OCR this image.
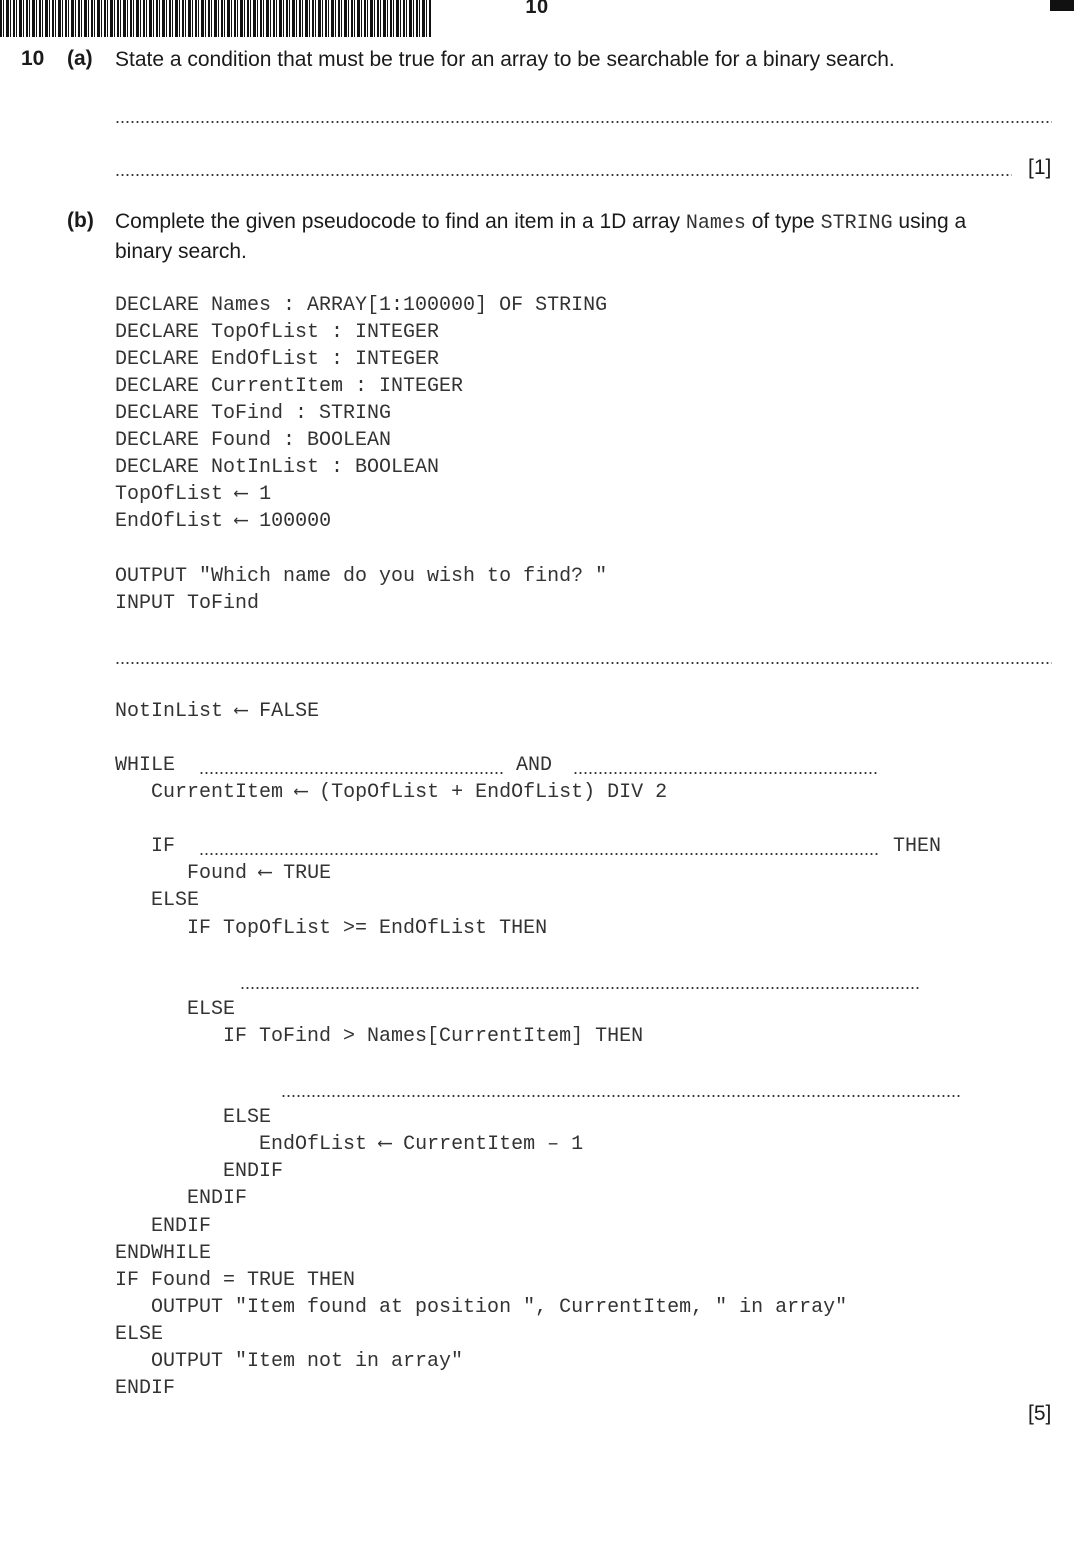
10
10 (a) State a condition that must be true for an array to be searchable for a binary search.
[1]
(b) Complete the given pseudocode to find an item in a 1D array Names of type STRING using a
binary search.
DECLARE Names : ARRAY[1:100000] OF STRING
DECLARE TopOfList : INTEGER
DECLARE EndOfList : INTEGER
DECLARE CurrentItem : INTEGER
DECLARE ToFind : STRING
DECLARE Found : BOOLEAN
DECLARE NotInList : BOOLEAN
TopOfList ⟵ 1
EndOfList ⟵ 100000
OUTPUT "Which name do you wish to find? "
INPUT ToFind
NotInList ⟵ FALSE
WHILE	AND
CurrentItem ⟵ (TopOfList + EndOfList) DIV 2
IF	THEN
Found ⟵ TRUE
ELSE
IF TopOfList >= EndOfList THEN
ELSE
IF ToFind > Names[CurrentItem] THEN
ELSE
EndOfList ⟵ CurrentItem – 1
ENDIF
ENDIF
ENDIF
ENDWHILE
IF Found = TRUE THEN
OUTPUT "Item found at position ", CurrentItem, " in array"
ELSE
OUTPUT "Item not in array"
ENDIF
[5]
